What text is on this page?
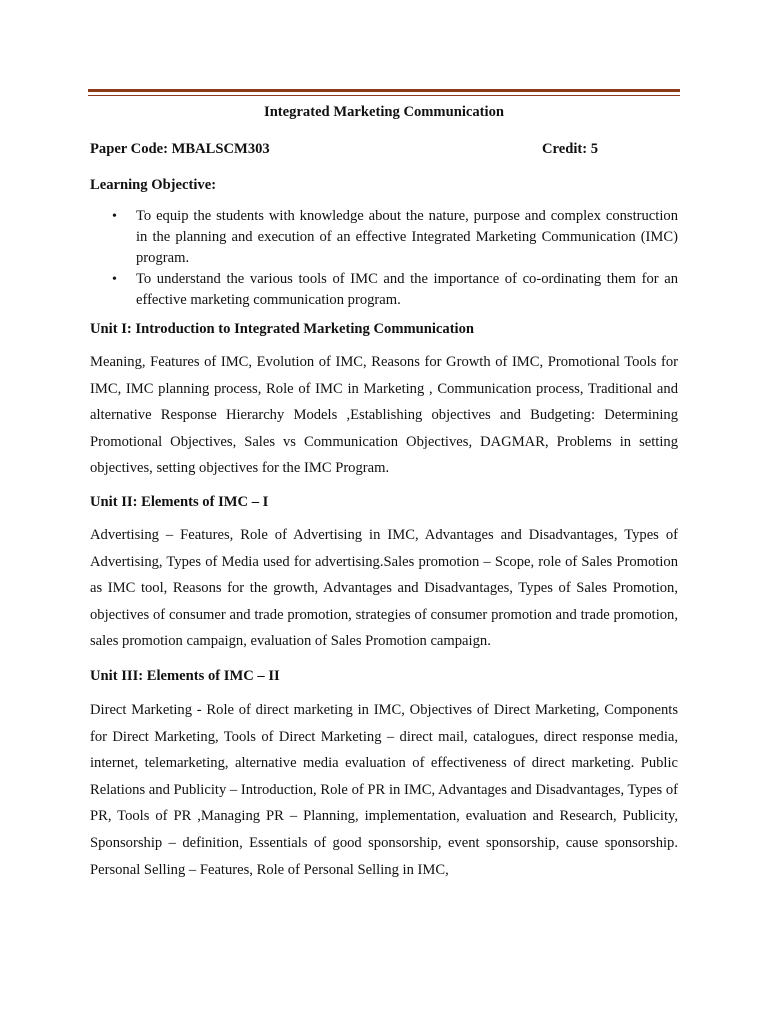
Integrated Marketing Communication
Paper Code: MBALSCM303	Credit: 5
Learning Objective:
• To equip the students with knowledge about the nature, purpose and complex construction in the planning and execution of an effective Integrated Marketing Communication (IMC) program.
• To understand the various tools of IMC and the importance of co-ordinating them for an effective marketing communication program.
Unit I: Introduction to Integrated Marketing Communication
Meaning, Features of IMC, Evolution of IMC, Reasons for Growth of IMC, Promotional Tools for IMC, IMC planning process, Role of IMC in Marketing , Communication process, Traditional and alternative Response Hierarchy Models ,Establishing objectives and Budgeting: Determining Promotional Objectives, Sales vs Communication Objectives, DAGMAR, Problems in setting objectives, setting objectives for the IMC Program.
Unit II: Elements of IMC – I
Advertising – Features, Role of Advertising in IMC, Advantages and Disadvantages, Types of Advertising, Types of Media used for advertising.Sales promotion – Scope, role of Sales Promotion as IMC tool, Reasons for the growth, Advantages and Disadvantages, Types of Sales Promotion, objectives of consumer and trade promotion, strategies of consumer promotion and trade promotion, sales promotion campaign, evaluation of Sales Promotion campaign.
Unit III: Elements of IMC – II
Direct Marketing - Role of direct marketing in IMC, Objectives of Direct Marketing, Components for Direct Marketing, Tools of Direct Marketing – direct mail, catalogues, direct response media, internet, telemarketing, alternative media evaluation of effectiveness of direct marketing. Public Relations and Publicity – Introduction, Role of PR in IMC, Advantages and Disadvantages, Types of PR, Tools of PR ,Managing PR – Planning, implementation, evaluation and Research, Publicity, Sponsorship – definition, Essentials of good sponsorship, event sponsorship, cause sponsorship. Personal Selling – Features, Role of Personal Selling in IMC,
